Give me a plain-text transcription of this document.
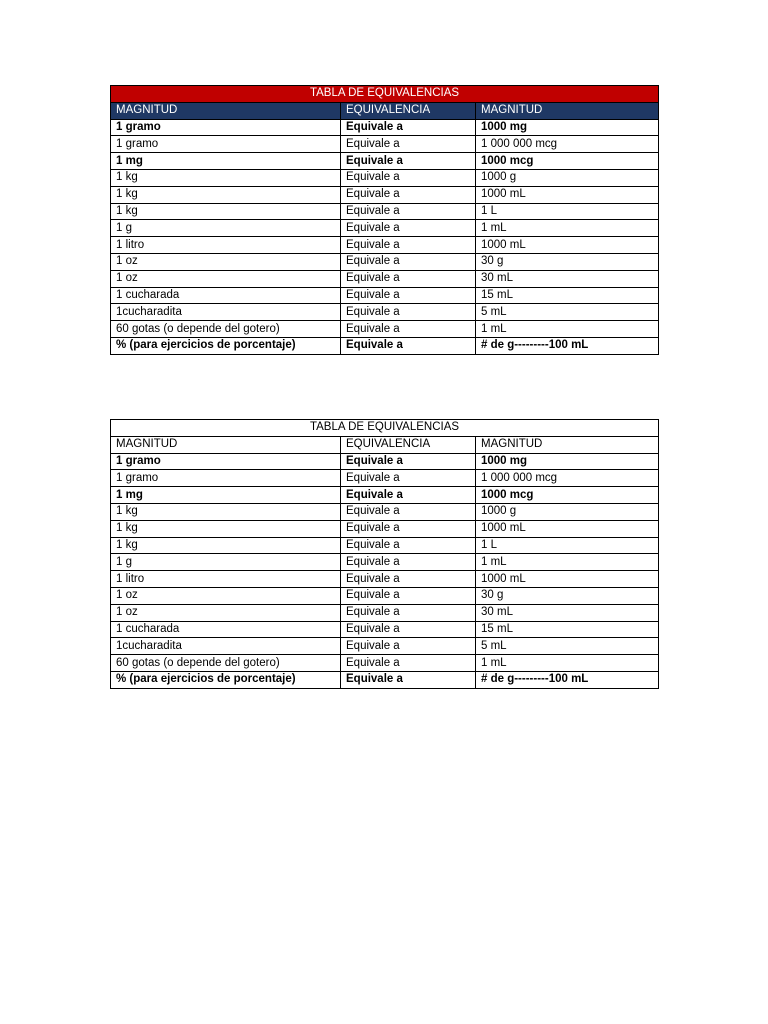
TABLA DE EQUIVALENCIAS		
MAGNITUD	EQUIVALENCIA	MAGNITUD
1 gramo	Equivale a	1000 mg
1 gramo	Equivale a	1 000 000 mcg
1 mg	Equivale a	1000 mcg
1 kg	Equivale a	1000 g
1 kg	Equivale a	1000 mL
1 kg	Equivale a	1 L
1 g	Equivale a	1 mL
1 litro	Equivale a	1000 mL
1 oz	Equivale a	30 g
1 oz	Equivale a	30 mL
1 cucharada	Equivale a	15 mL
1cucharadita	Equivale a	5 mL
60 gotas (o depende del gotero)	Equivale a	1 mL
% (para ejercicios de porcentaje)	Equivale a	# de g---------100 mL
TABLA DE EQUIVALENCIAS		
MAGNITUD	EQUIVALENCIA	MAGNITUD
1 gramo	Equivale a	1000 mg
1 gramo	Equivale a	1 000 000 mcg
1 mg	Equivale a	1000 mcg
1 kg	Equivale a	1000 g
1 kg	Equivale a	1000 mL
1 kg	Equivale a	1 L
1 g	Equivale a	1 mL
1 litro	Equivale a	1000 mL
1 oz	Equivale a	30 g
1 oz	Equivale a	30 mL
1 cucharada	Equivale a	15 mL
1cucharadita	Equivale a	5 mL
60 gotas (o depende del gotero)	Equivale a	1 mL
% (para ejercicios de porcentaje)	Equivale a	# de g---------100 mL
